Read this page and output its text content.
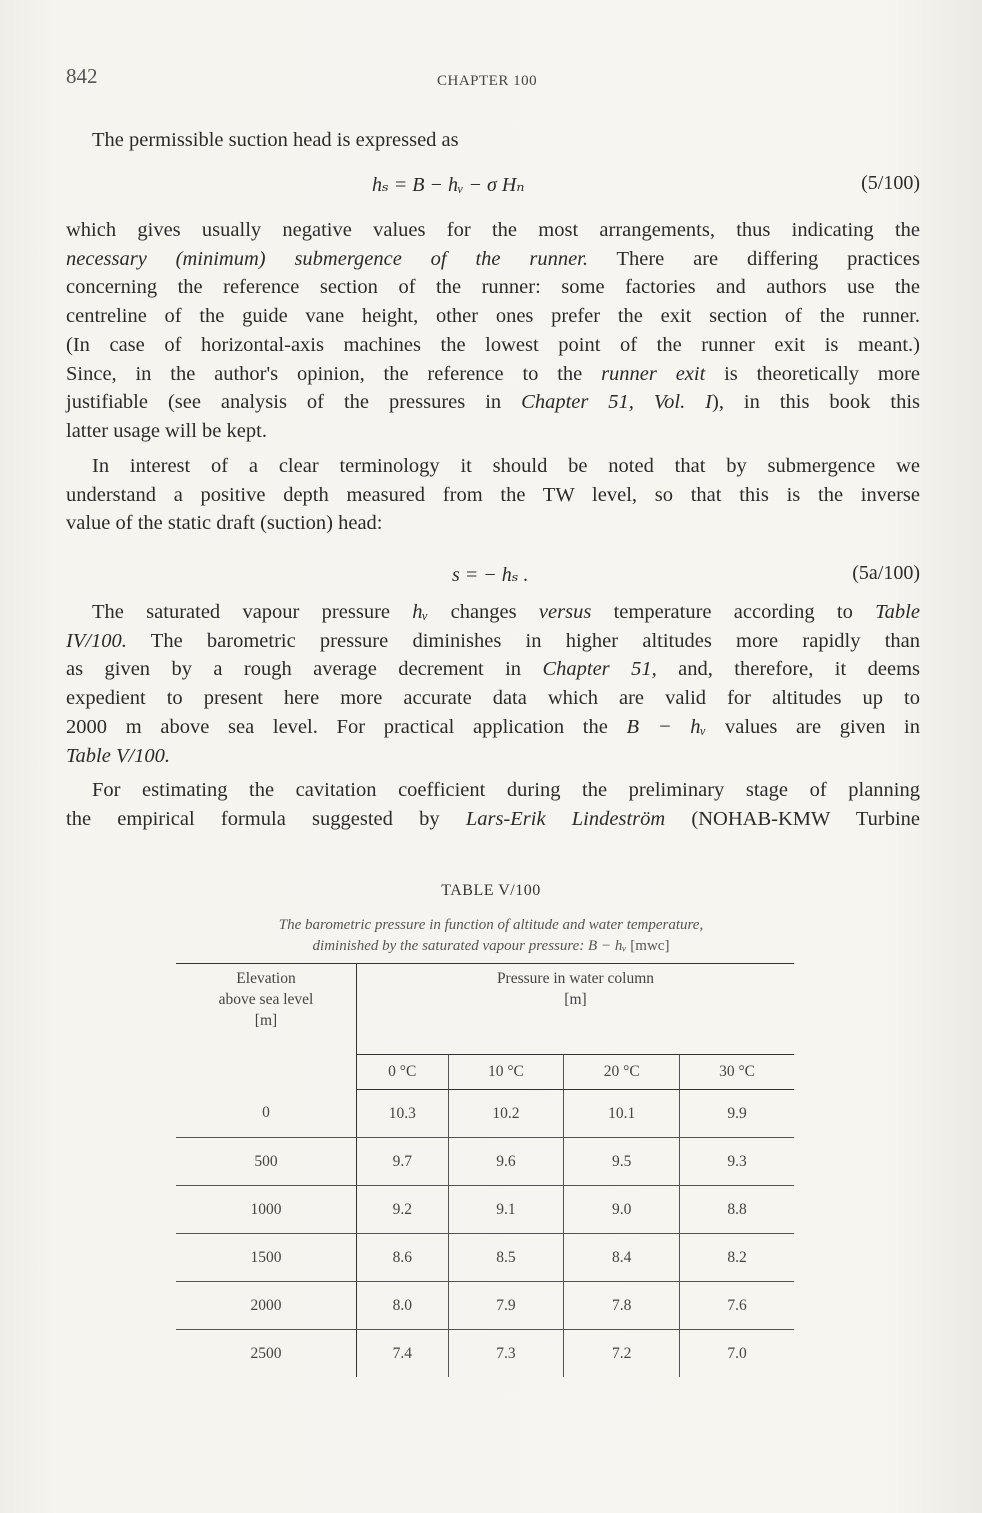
842	CHAPTER 100
The permissible suction head is expressed as
hₛ = B − hᵥ − σ Hₙ	(5/100)
which gives usually negative values for the most arrangements, thus indicating the
necessary (minimum) submergence of the runner. There are differing practices
concerning the reference section of the runner: some factories and authors use the
centreline of the guide vane height, other ones prefer the exit section of the runner.
(In case of horizontal-axis machines the lowest point of the runner exit is meant.)
Since, in the author's opinion, the reference to the runner exit is theoretically more
justifiable (see analysis of the pressures in Chapter 51, Vol. I), in this book this
latter usage will be kept.
In interest of a clear terminology it should be noted that by submergence we
understand a positive depth measured from the TW level, so that this is the inverse
value of the static draft (suction) head:
s = − hₛ .	(5a/100)
The saturated vapour pressure hᵥ changes versus temperature according to Table
IV/100. The barometric pressure diminishes in higher altitudes more rapidly than
as given by a rough average decrement in Chapter 51, and, therefore, it deems
expedient to present here more accurate data which are valid for altitudes up to
2000 m above sea level. For practical application the B − hᵥ values are given in
Table V/100.
For estimating the cavitation coefficient during the preliminary stage of planning
the empirical formula suggested by Lars-Erik Lindeström (NOHAB-KMW Turbine
TABLE V/100
The barometric pressure in function of altitude and water temperature,
diminished by the saturated vapour pressure: B − hᵥ [mwc]
Elevation
above sea level
[m]	Pressure in water column
[m]			

	0 °C	10 °C	20 °C	30 °C
0	10.3	10.2	10.1	9.9
500	9.7	9.6	9.5	9.3
1000	9.2	9.1	9.0	8.8
1500	8.6	8.5	8.4	8.2
2000	8.0	7.9	7.8	7.6
2500	7.4	7.3	7.2	7.0
